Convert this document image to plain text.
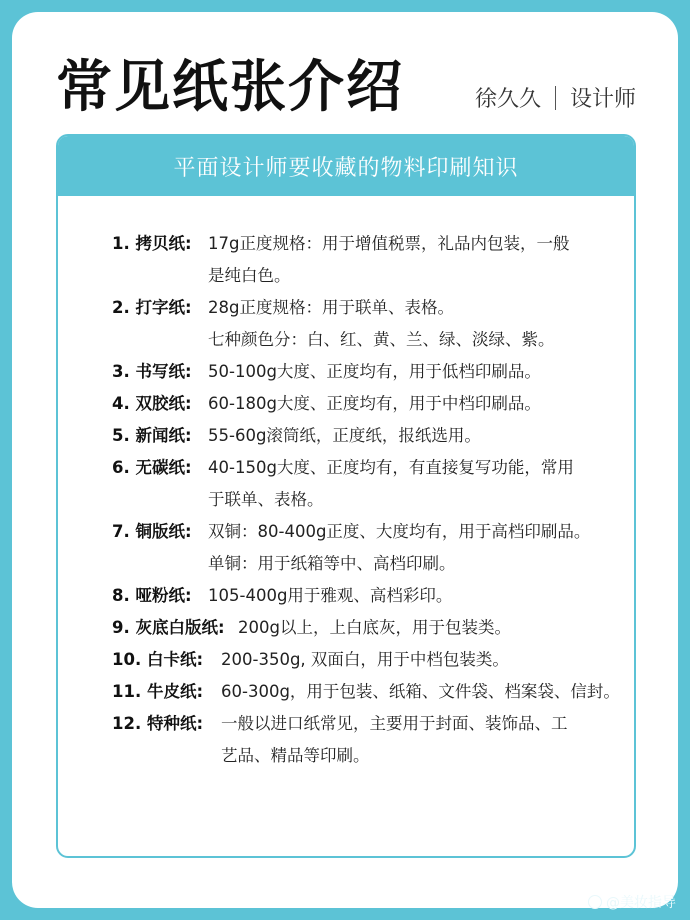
常见纸张介绍	徐久久 设计师
平面设计师要收藏的物料印刷知识
1. 拷贝纸: 17g正度规格：用于增值税票，礼品内包装，一般
是纯白色。
2. 打字纸: 28g正度规格：用于联单、表格。
七种颜色分：白、红、黄、兰、绿、淡绿、紫。
3. 书写纸: 50-100g大度、正度均有，用于低档印刷品。
4. 双胶纸: 60-180g大度、正度均有，用于中档印刷品。
5. 新闻纸: 55-60g滚筒纸，正度纸，报纸选用。
6. 无碳纸: 40-150g大度、正度均有，有直接复写功能，常用
于联单、表格。
7. 铜版纸: 双铜：80-400g正度、大度均有，用于高档印刷品。
单铜：用于纸箱等中、高档印刷。
8. 哑粉纸: 105-400g用于雅观、高档彩印。
9. 灰底白版纸: 200g以上，上白底灰，用于包装类。
10. 白卡纸:	200-350g, 双面白，用于中档包装类。
11. 牛皮纸:	60-300g，用于包装、纸箱、文件袋、档案袋、信封。
12. 特种纸:	一般以进口纸常见，主要用于封面、装饰品、工
艺品、精品等印刷。
@美妆指导
